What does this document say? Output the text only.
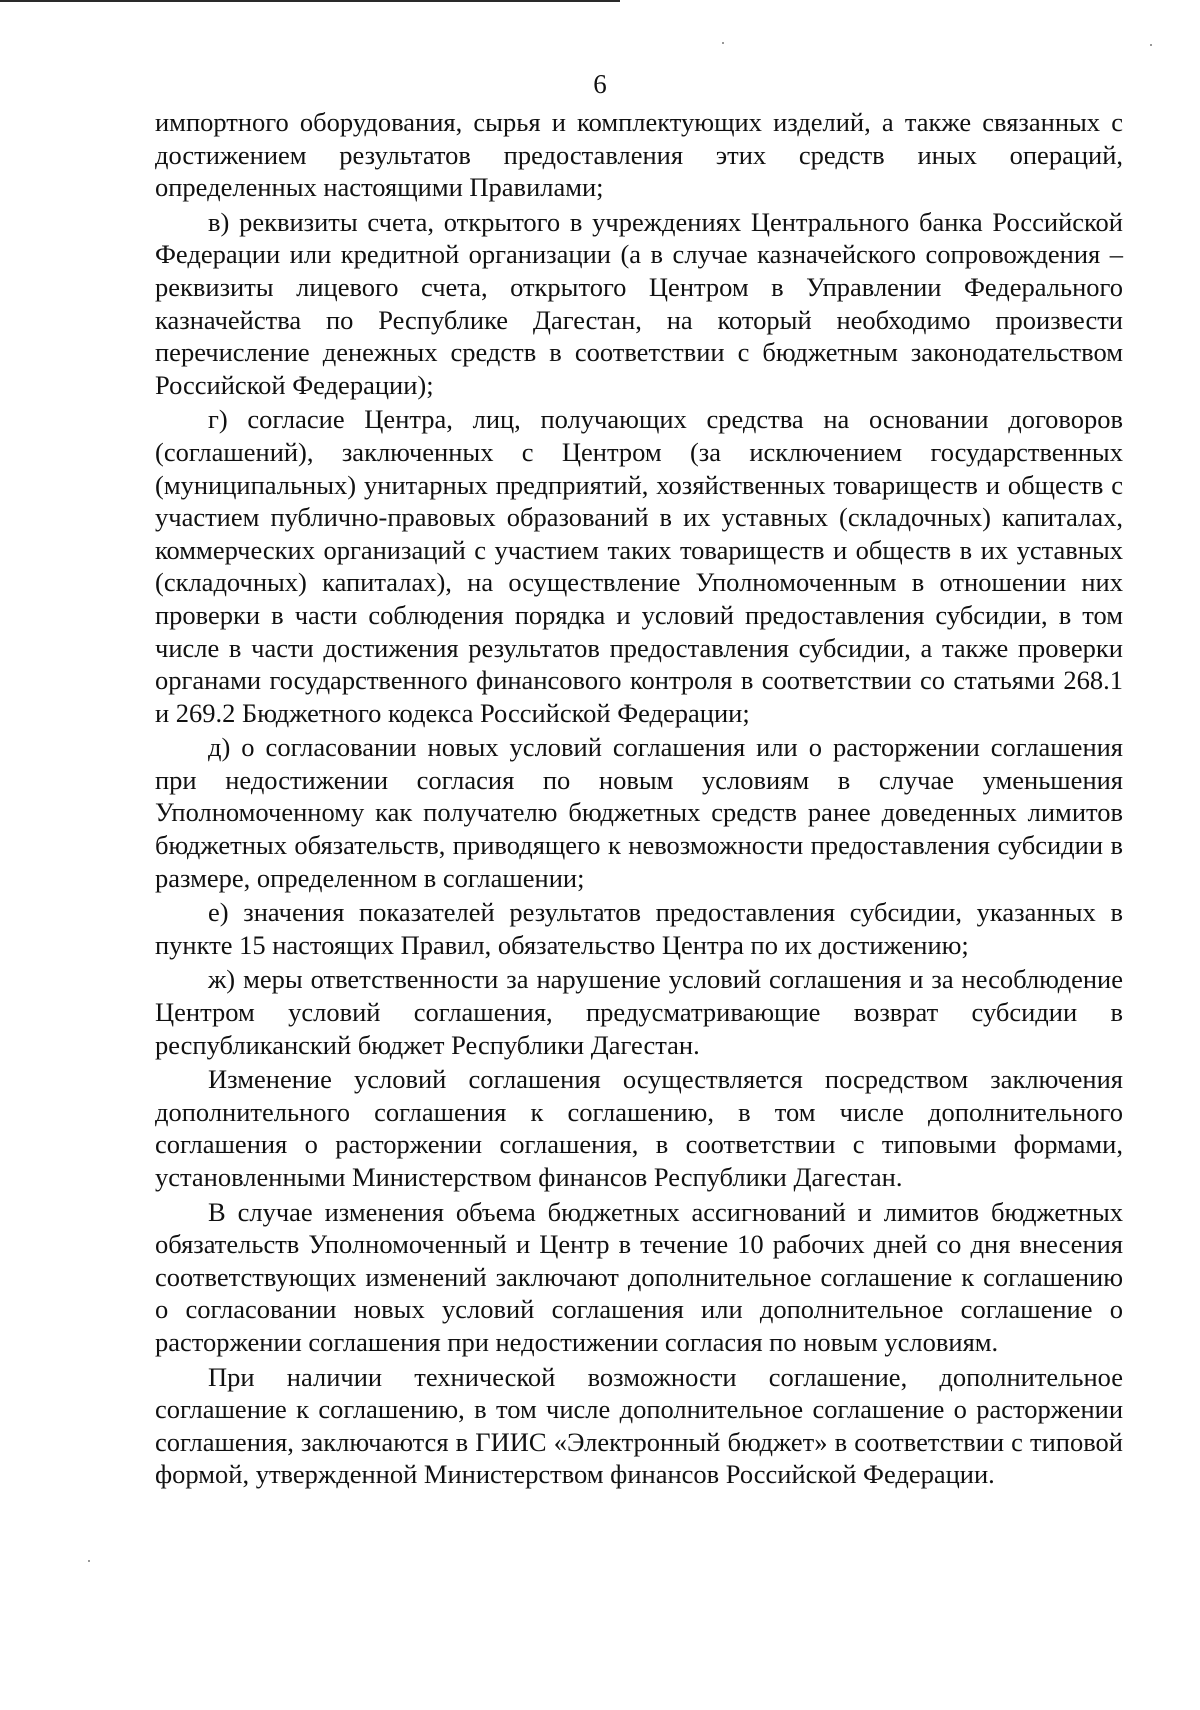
6

импортного оборудования, сырья и комплектующих изделий, а также связанных с достижением результатов предоставления этих средств иных операций, определенных настоящими Правилами;

в) реквизиты счета, открытого в учреждениях Центрального банка Российской Федерации или кредитной организации (а в случае казначейского сопровождения – реквизиты лицевого счета, открытого Центром в Управлении Федерального казначейства по Республике Дагестан, на который необходимо произвести перечисление денежных средств в соответствии с бюджетным законодательством Российской Федерации);

г) согласие Центра, лиц, получающих средства на основании договоров (соглашений), заключенных с Центром (за исключением государственных (муниципальных) унитарных предприятий, хозяйственных товариществ и обществ с участием публично-правовых образований в их уставных (складочных) капиталах, коммерческих организаций с участием таких товариществ и обществ в их уставных (складочных) капиталах), на осуществление Уполномоченным в отношении них проверки в части соблюдения порядка и условий предоставления субсидии, в том числе в части достижения результатов предоставления субсидии, а также проверки органами государственного финансового контроля в соответствии со статьями 268.1 и 269.2 Бюджетного кодекса Российской Федерации;

д) о согласовании новых условий соглашения или о расторжении соглашения при недостижении согласия по новым условиям в случае уменьшения Уполномоченному как получателю бюджетных средств ранее доведенных лимитов бюджетных обязательств, приводящего к невозможности предоставления субсидии в размере, определенном в соглашении;

е) значения показателей результатов предоставления субсидии, указанных в пункте 15 настоящих Правил, обязательство Центра по их достижению;

ж) меры ответственности за нарушение условий соглашения и за несоблюдение Центром условий соглашения, предусматривающие возврат субсидии в республиканский бюджет Республики Дагестан.

Изменение условий соглашения осуществляется посредством заключения дополнительного соглашения к соглашению, в том числе дополнительного соглашения о расторжении соглашения, в соответствии с типовыми формами, установленными Министерством финансов Республики Дагестан.

В случае изменения объема бюджетных ассигнований и лимитов бюджетных обязательств Уполномоченный и Центр в течение 10 рабочих дней со дня внесения соответствующих изменений заключают дополнительное соглашение к соглашению о согласовании новых условий соглашения или дополнительное соглашение о расторжении соглашения при недостижении согласия по новым условиям.

При наличии технической возможности соглашение, дополнительное соглашение к соглашению, в том числе дополнительное соглашение о расторжении соглашения, заключаются в ГИИС «Электронный бюджет» в соответствии с типовой формой, утвержденной Министерством финансов Российской Федерации.
